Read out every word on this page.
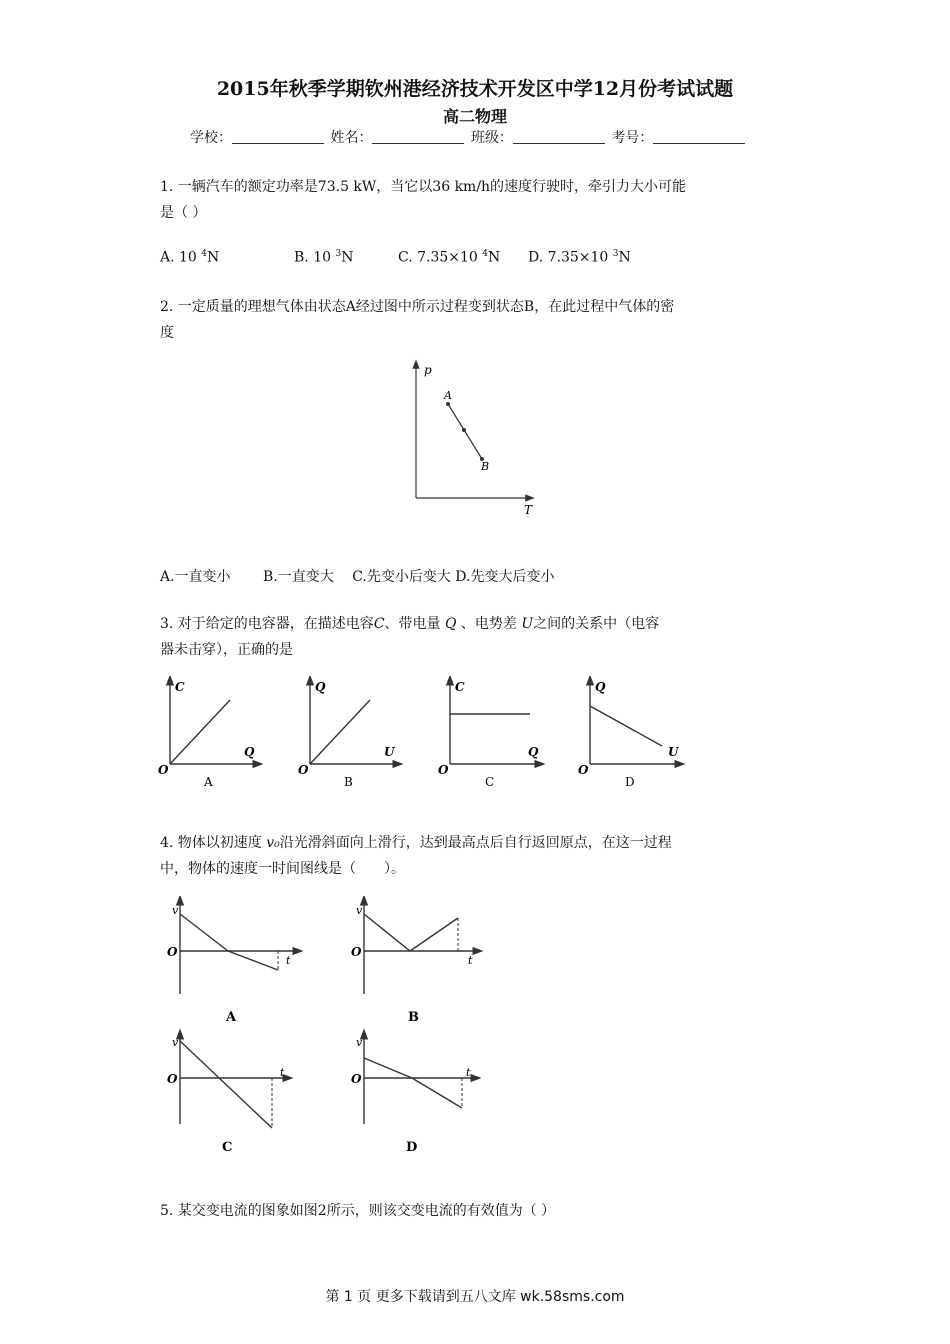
2015年秋季学期钦州港经济技术开发区中学12月份考试试题
高二物理
学校：	姓名：	班级：	考号：
1. 一辆汽车的额定功率是73.5 kW，当它以36 km/h的速度行驶时，牵引力大小可能
是（ ）
A. 10 $^4$N	B. 10 $^3$N	C. 7.35×10 $^4$N D. 7.35×10 $^3$N
2. 一定质量的理想气体由状态A经过图中所示过程变到状态B，在此过程中气体的密
度
p
T
A
B
A.一直变小　　 B.一直变大　 C.先变小后变大 D.先变大后变小
3. 对于给定的电容器，在描述电容C、带电量 Q 、电势差 U之间的关系中（电容
器未击穿），正确的是
C
Q
O
A
Q
U
O
B
C
Q
O
C
Q
U
O
D
4. 物体以初速度 v₀沿光滑斜面向上滑行，达到最高点后自行返回原点，在这一过程
中，物体的速度一时间图线是（　　）。
v
t
O
A
v
t
O
B
v
t
O
C
v
t
O
D
5. 某交变电流的图象如图2所示，则该交变电流的有效值为（ ）
第 1 页 更多下载请到五八文库 wk.58sms.com
